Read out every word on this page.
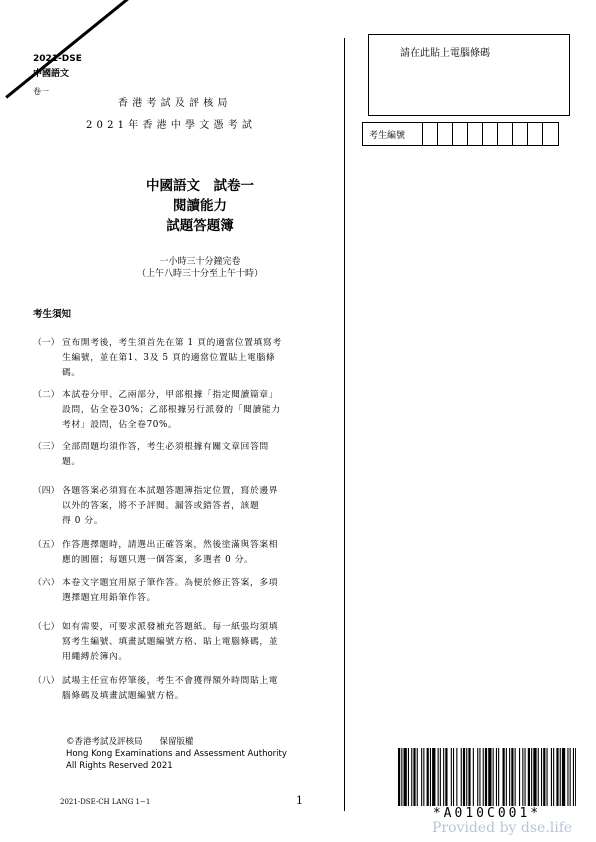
2021-DSE
中國語文
卷一
香港考試及評核局
2021年香港中學文憑考試
請在此貼上電腦條碼
考生編號
中國語文　試卷一
閱讀能力
試題答題簿
一小時三十分鐘完卷
（上午八時三十分至上午十時）
考生須知
（一） 宣布開考後，考生須首先在第 1 頁的適當位置填寫考
生編號，並在第1、3及 5 頁的適當位置貼上電腦條
碼。
（二） 本試卷分甲、乙兩部分，甲部根據「指定閱讀篇章」
設問，佔全卷30%；乙部根據另行派發的「閱讀能力
考材」設問，佔全卷70%。
（三） 全部問題均須作答，考生必須根據有關文章回答問
題。
（四） 各題答案必須寫在本試題答題簿指定位置，寫於邊界
以外的答案，將不予評閱。漏答或錯答者，該題
得 0 分。
（五） 作答選擇題時，請選出正確答案，然後塗滿與答案相
應的圓圈；每題只選一個答案，多選者 0 分。
（六） 本卷文字題宜用原子筆作答。為便於修正答案，多項
選擇題宜用鉛筆作答。
（七） 如有需要，可要求派發補充答題紙。每一紙張均須填
寫考生編號、填畫試題編號方格、貼上電腦條碼，並
用繩縛於簿內。
（八） 試場主任宣布停筆後，考生不會獲得額外時間貼上電
腦條碼及填畫試題編號方格。
©香港考試及評核局　　保留版權
Hong Kong Examinations and Assessment Authority
All Rights Reserved 2021
2021-DSE-CH LANG 1−1	1
*A010C001*
Provided by dse.life
